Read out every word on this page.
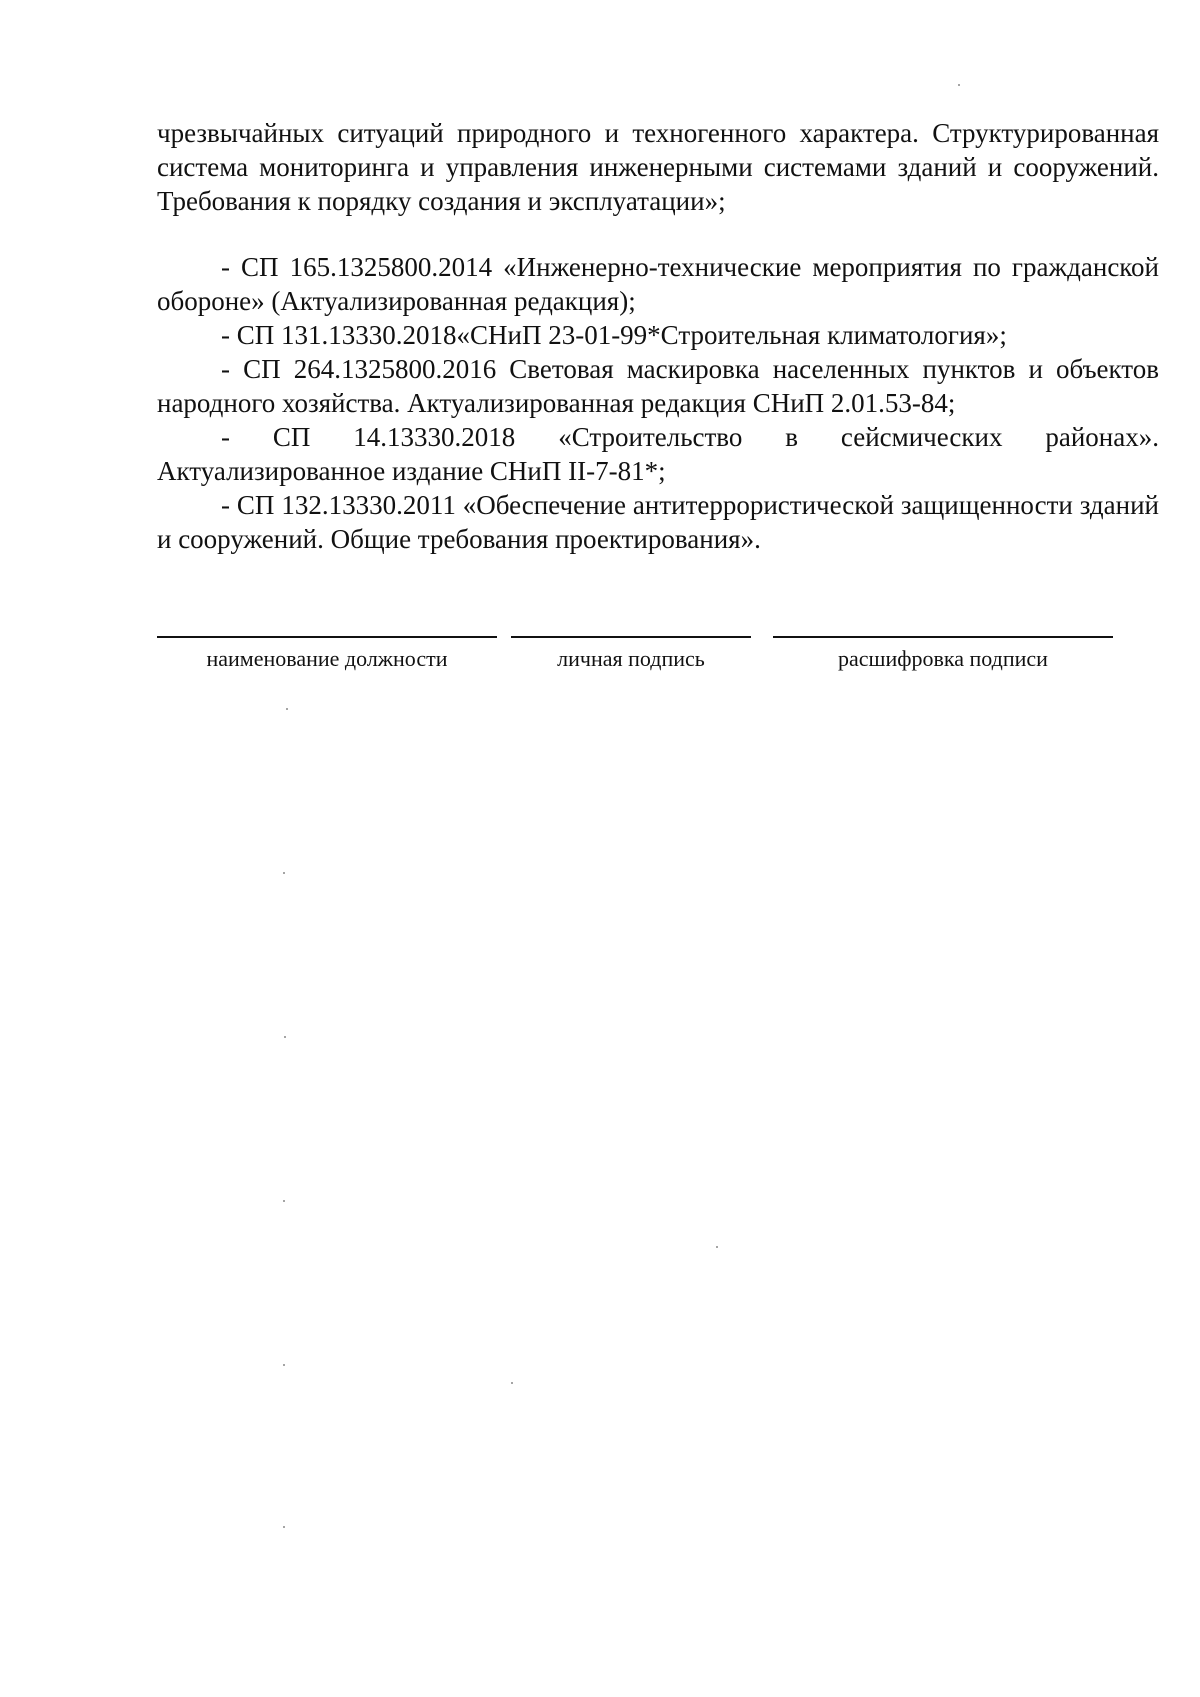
чрезвычайных ситуаций природного и техногенного характера. Структурированная система мониторинга и управления инженерными системами зданий и сооружений. Требования к порядку создания и эксплуатации»;

- СП 165.1325800.2014 «Инженерно-технические мероприятия по гражданской обороне» (Актуализированная редакция);

- СП 131.13330.2018«СНиП 23-01-99*Строительная климатология»;

- СП 264.1325800.2016 Световая маскировка населенных пунктов и объектов народного хозяйства. Актуализированная редакция СНиП 2.01.53-84;

- СП 14.13330.2018 «Строительство в сейсмических районах». Актуализированное издание СНиП II-7-81*;

- СП 132.13330.2011 «Обеспечение антитеррористической защищенности зданий и сооружений. Общие требования проектирования».

наименование должности	личная подпись	расшифровка подписи
